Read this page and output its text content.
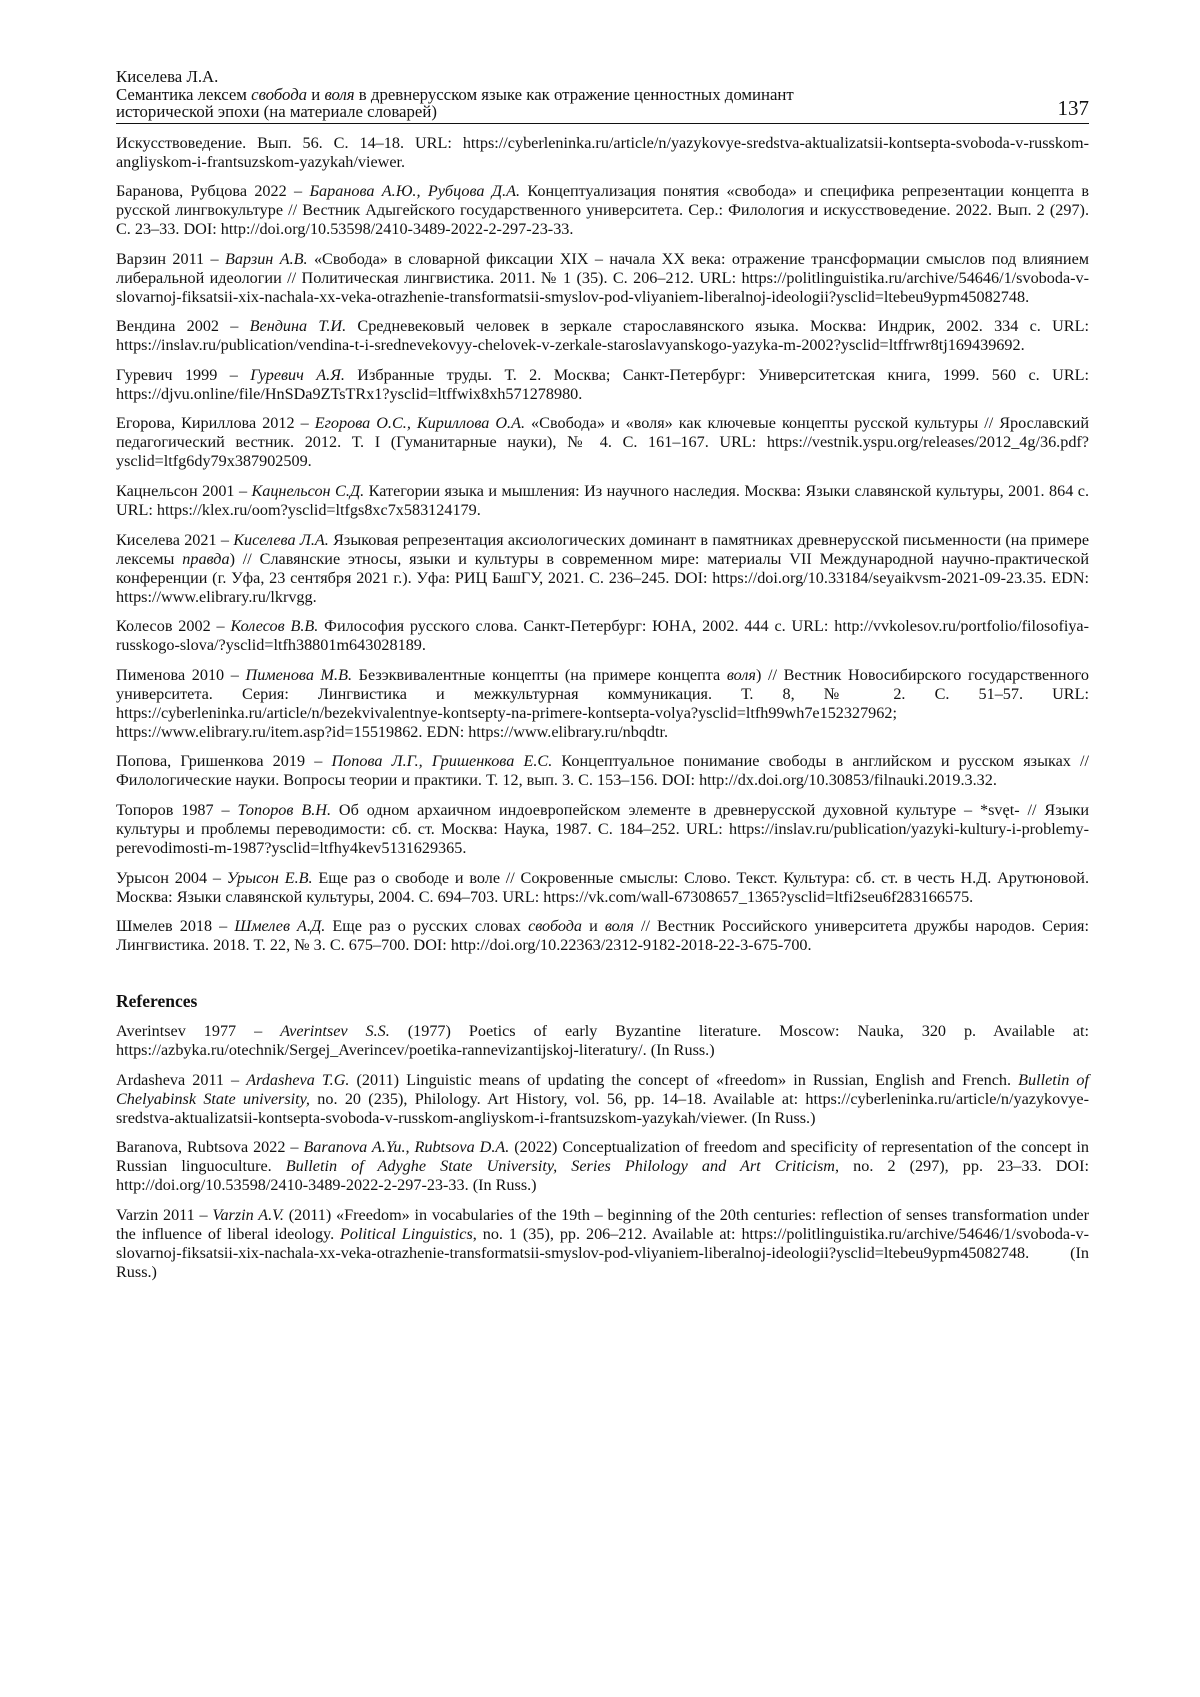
Киселева Л.А.
Семантика лексем свобода и воля в древнерусском языке как отражение ценностных доминант
исторической эпохи (на материале словарей)	137

Искусствоведение. Вып. 56. С. 14–18. URL: https://cyberleninka.ru/article/n/yazykovye-sredstva-aktualizatsii-kontsepta-svoboda-v-russkom-angliyskom-i-frantsuzskom-yazykah/viewer.

Баранова, Рубцова 2022 – Баранова А.Ю., Рубцова Д.А. Концептуализация понятия «свобода» и специфика репрезентации концепта в русской лингвокультуре // Вестник Адыгейского государственного университета. Сер.: Филология и искусствоведение. 2022. Вып. 2 (297). С. 23–33. DOI: http://doi.org/10.53598/2410-3489-2022-2-297-23-33.

Варзин 2011 – Варзин А.В. «Свобода» в словарной фиксации XIX – начала XX века: отражение трансформации смыслов под влиянием либеральной идеологии // Политическая лингвистика. 2011. № 1 (35). С. 206–212. URL: https://politlinguistika.ru/archive/54646/1/svoboda-v-slovarnoj-fiksatsii-xix-nachala-xx-veka-otrazhenie-transformatsii-smyslov-pod-vliyaniem-liberalnoj-ideologii?ysclid=ltebeu9ypm45082748.

Вендина 2002 – Вендина Т.И. Средневековый человек в зеркале старославянского языка. Москва: Индрик, 2002. 334 с. URL: https://inslav.ru/publication/vendina-t-i-srednevekovyy-chelovek-v-zerkale-staroslavyanskogo-yazyka-m-2002?ysclid=ltffrwr8tj169439692.

Гуревич 1999 – Гуревич А.Я. Избранные труды. Т. 2. Москва; Санкт-Петербург: Университетская книга, 1999. 560 с. URL: https://djvu.online/file/HnSDa9ZTsTRx1?ysclid=ltffwix8xh571278980.

Егорова, Кириллова 2012 – Егорова О.С., Кириллова О.А. «Свобода» и «воля» как ключевые концепты русской культуры // Ярославский педагогический вестник. 2012. Т. I (Гуманитарные науки), № 4. С. 161–167. URL: https://vestnik.yspu.org/releases/2012_4g/36.pdf?ysclid=ltfg6dy79x387902509.

Кацнельсон 2001 – Кацнельсон С.Д. Категории языка и мышления: Из научного наследия. Москва: Языки славянской культуры, 2001. 864 с. URL: https://klex.ru/oom?ysclid=ltfgs8xc7x583124179.

Киселева 2021 – Киселева Л.А. Языковая репрезентация аксиологических доминант в памятниках древнерусской письменности (на примере лексемы правда) // Славянские этносы, языки и культуры в современном мире: материалы VII Международной научно-практической конференции (г. Уфа, 23 сентября 2021 г.). Уфа: РИЦ БашГУ, 2021. С. 236–245. DOI: https://doi.org/10.33184/seyaikvsm-2021-09-23.35. EDN: https://www.elibrary.ru/lkrvgg.

Колесов 2002 – Колесов В.В. Философия русского слова. Санкт-Петербург: ЮНА, 2002. 444 с. URL: http://vvkolesov.ru/portfolio/filosofiya-russkogo-slova/?ysclid=ltfh38801m643028189.

Пименова 2010 – Пименова М.В. Безэквивалентные концепты (на примере концепта воля) // Вестник Новосибирского государственного университета. Серия: Лингвистика и межкультурная коммуникация. Т. 8, № 2. С. 51–57. URL: https://cyberleninka.ru/article/n/bezekvivalentnye-kontsepty-na-primere-kontsepta-volya?ysclid=ltfh99wh7e152327962; https://www.elibrary.ru/item.asp?id=15519862. EDN: https://www.elibrary.ru/nbqdtr.

Попова, Гришенкова 2019 – Попова Л.Г., Гришенкова Е.С. Концептуальное понимание свободы в английском и русском языках // Филологические науки. Вопросы теории и практики. Т. 12, вып. 3. С. 153–156. DOI: http://dx.doi.org/10.30853/filnauki.2019.3.32.

Топоров 1987 – Топоров В.Н. Об одном архаичном индоевропейском элементе в древнерусской духовной культуре – *svęt- // Языки культуры и проблемы переводимости: сб. ст. Москва: Наука, 1987. С. 184–252. URL: https://inslav.ru/publication/yazyki-kultury-i-problemy-perevodimosti-m-1987?ysclid=ltfhy4kev5131629365.

Урысон 2004 – Урысон Е.В. Еще раз о свободе и воле // Сокровенные смыслы: Слово. Текст. Культура: сб. ст. в честь Н.Д. Арутюновой. Москва: Языки славянской культуры, 2004. С. 694–703. URL: https://vk.com/wall-67308657_1365?ysclid=ltfi2seu6f283166575.

Шмелев 2018 – Шмелев А.Д. Еще раз о русских словах свобода и воля // Вестник Российского университета дружбы народов. Серия: Лингвистика. 2018. Т. 22, № 3. С. 675–700. DOI: http://doi.org/10.22363/2312-9182-2018-22-3-675-700.

References

Averintsev 1977 – Averintsev S.S. (1977) Poetics of early Byzantine literature. Moscow: Nauka, 320 p. Available at: https://azbyka.ru/otechnik/Sergej_Averincev/poetika-rannevizantijskoj-literatury/. (In Russ.)

Ardasheva 2011 – Ardasheva T.G. (2011) Linguistic means of updating the concept of «freedom» in Russian, English and French. Bulletin of Chelyabinsk State university, no. 20 (235), Philology. Art History, vol. 56, pp. 14–18. Available at: https://cyberleninka.ru/article/n/yazykovye-sredstva-aktualizatsii-kontsepta-svoboda-v-russkom-angliyskom-i-frantsuzskom-yazykah/viewer. (In Russ.)

Baranova, Rubtsova 2022 – Baranova A.Yu., Rubtsova D.A. (2022) Conceptualization of freedom and specificity of representation of the concept in Russian linguoculture. Bulletin of Adyghe State University, Series Philology and Art Criticism, no. 2 (297), pp. 23–33. DOI: http://doi.org/10.53598/2410-3489-2022-2-297-23-33. (In Russ.)

Varzin 2011 – Varzin A.V. (2011) «Freedom» in vocabularies of the 19th – beginning of the 20th centuries: reflection of senses transformation under the influence of liberal ideology. Political Linguistics, no. 1 (35), pp. 206–212. Available at: https://politlinguistika.ru/archive/54646/1/svoboda-v-slovarnoj-fiksatsii-xix-nachala-xx-veka-otrazhenie-transformatsii-smyslov-pod-vliyaniem-liberalnoj-ideologii?ysclid=ltebeu9ypm45082748. (In Russ.)
